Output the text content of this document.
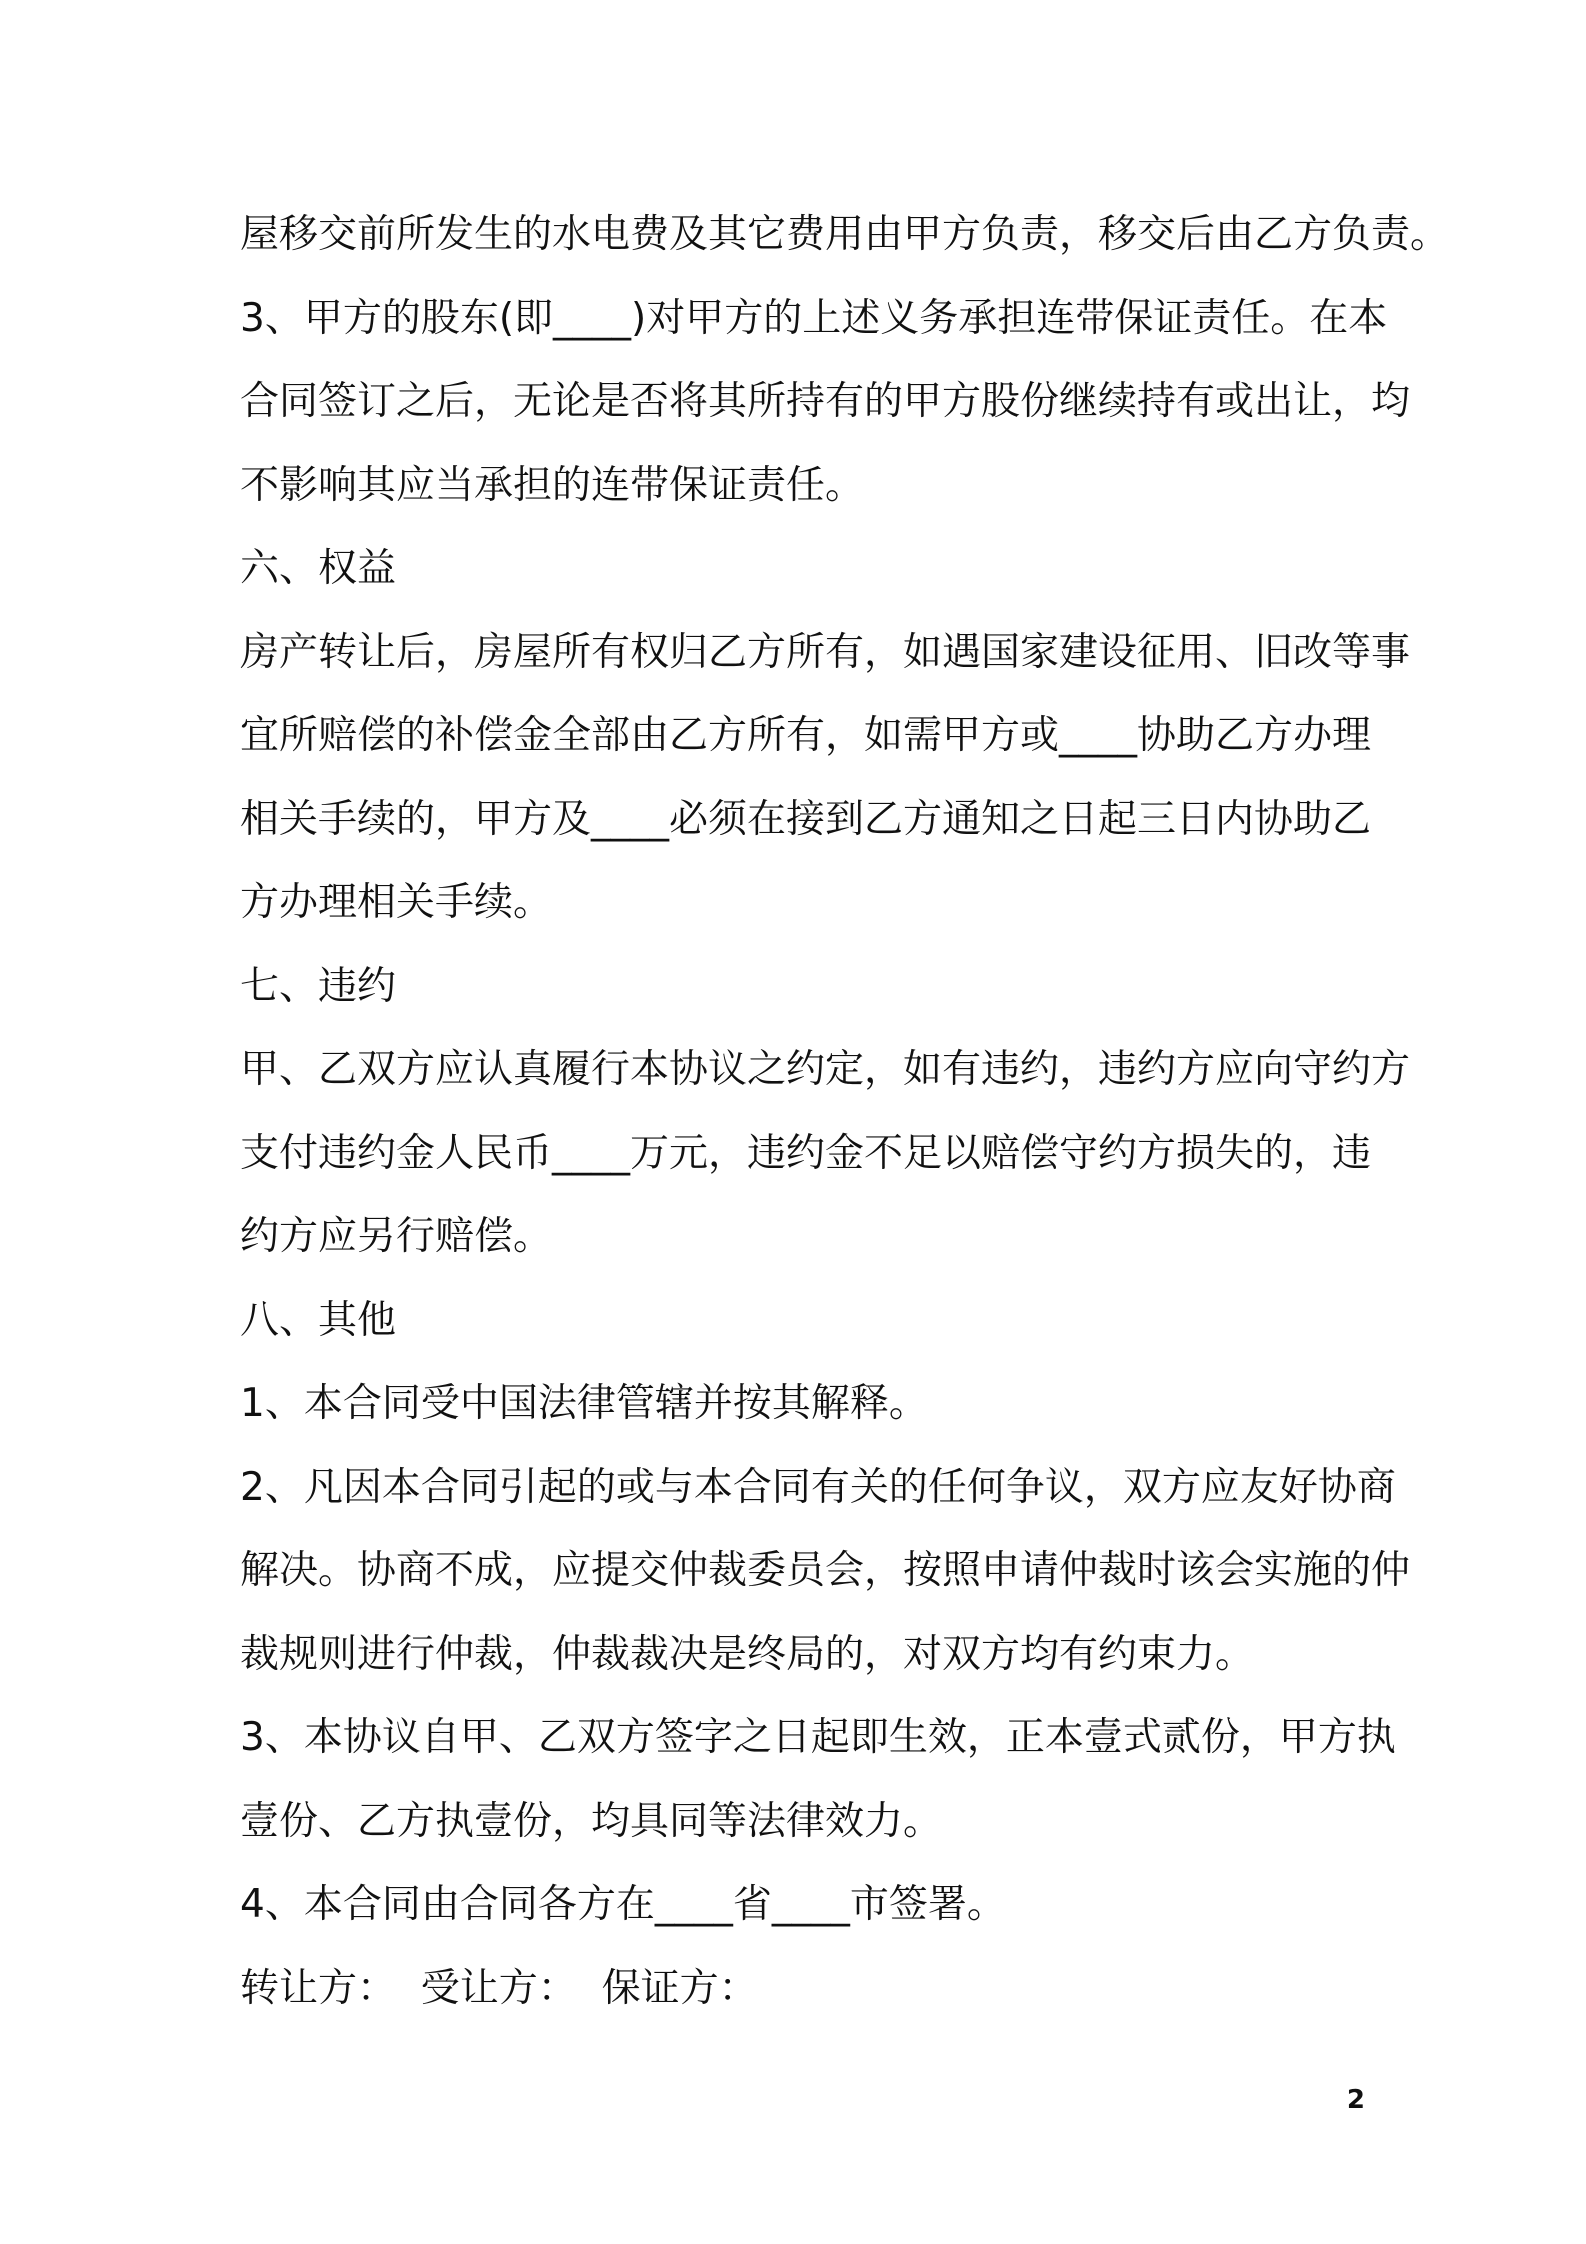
屋移交前所发生的水电费及其它费用由甲方负责，移交后由乙方负责。
3、甲方的股东(即____)对甲方的上述义务承担连带保证责任。在本
合同签订之后，无论是否将其所持有的甲方股份继续持有或出让，均
不影响其应当承担的连带保证责任。
六、权益
房产转让后，房屋所有权归乙方所有，如遇国家建设征用、旧改等事
宜所赔偿的补偿金全部由乙方所有，如需甲方或____协助乙方办理
相关手续的，甲方及____必须在接到乙方通知之日起三日内协助乙
方办理相关手续。
七、违约
甲、乙双方应认真履行本协议之约定，如有违约，违约方应向守约方
支付违约金人民币____万元，违约金不足以赔偿守约方损失的，违
约方应另行赔偿。
八、其他
1、本合同受中国法律管辖并按其解释。
2、凡因本合同引起的或与本合同有关的任何争议，双方应友好协商
解决。协商不成，应提交仲裁委员会，按照申请仲裁时该会实施的仲
裁规则进行仲裁，仲裁裁决是终局的，对双方均有约束力。
3、本协议自甲、乙双方签字之日起即生效，正本壹式贰份，甲方执
壹份、乙方执壹份，均具同等法律效力。
4、本合同由合同各方在____省____市签署。
转让方：  受让方：  保证方：
2
